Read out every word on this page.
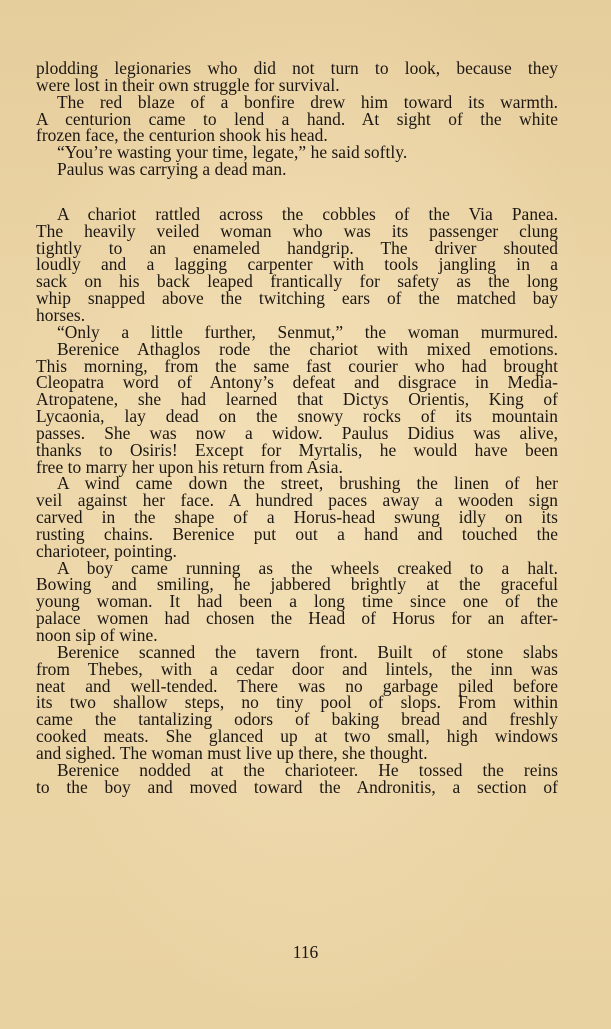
plodding legionaries who did not turn to look, because they
were lost in their own struggle for survival.
The red blaze of a bonfire drew him toward its warmth.
A centurion came to lend a hand. At sight of the white
frozen face, the centurion shook his head.
“You’re wasting your time, legate,” he said softly.
Paulus was carrying a dead man.
A chariot rattled across the cobbles of the Via Panea.
The heavily veiled woman who was its passenger clung
tightly to an enameled handgrip. The driver shouted
loudly and a lagging carpenter with tools jangling in a
sack on his back leaped frantically for safety as the long
whip snapped above the twitching ears of the matched bay
horses.
“Only a little further, Senmut,” the woman murmured.
Berenice Athaglos rode the chariot with mixed emotions.
This morning, from the same fast courier who had brought
Cleopatra word of Antony’s defeat and disgrace in Media-
Atropatene, she had learned that Dictys Orientis, King of
Lycaonia, lay dead on the snowy rocks of its mountain
passes. She was now a widow. Paulus Didius was alive,
thanks to Osiris! Except for Myrtalis, he would have been
free to marry her upon his return from Asia.
A wind came down the street, brushing the linen of her
veil against her face. A hundred paces away a wooden sign
carved in the shape of a Horus-head swung idly on its
rusting chains. Berenice put out a hand and touched the
charioteer, pointing.
A boy came running as the wheels creaked to a halt.
Bowing and smiling, he jabbered brightly at the graceful
young woman. It had been a long time since one of the
palace women had chosen the Head of Horus for an after-
noon sip of wine.
Berenice scanned the tavern front. Built of stone slabs
from Thebes, with a cedar door and lintels, the inn was
neat and well-tended. There was no garbage piled before
its two shallow steps, no tiny pool of slops. From within
came the tantalizing odors of baking bread and freshly
cooked meats. She glanced up at two small, high windows
and sighed. The woman must live up there, she thought.
Berenice nodded at the charioteer. He tossed the reins
to the boy and moved toward the Andronitis, a section of
116
